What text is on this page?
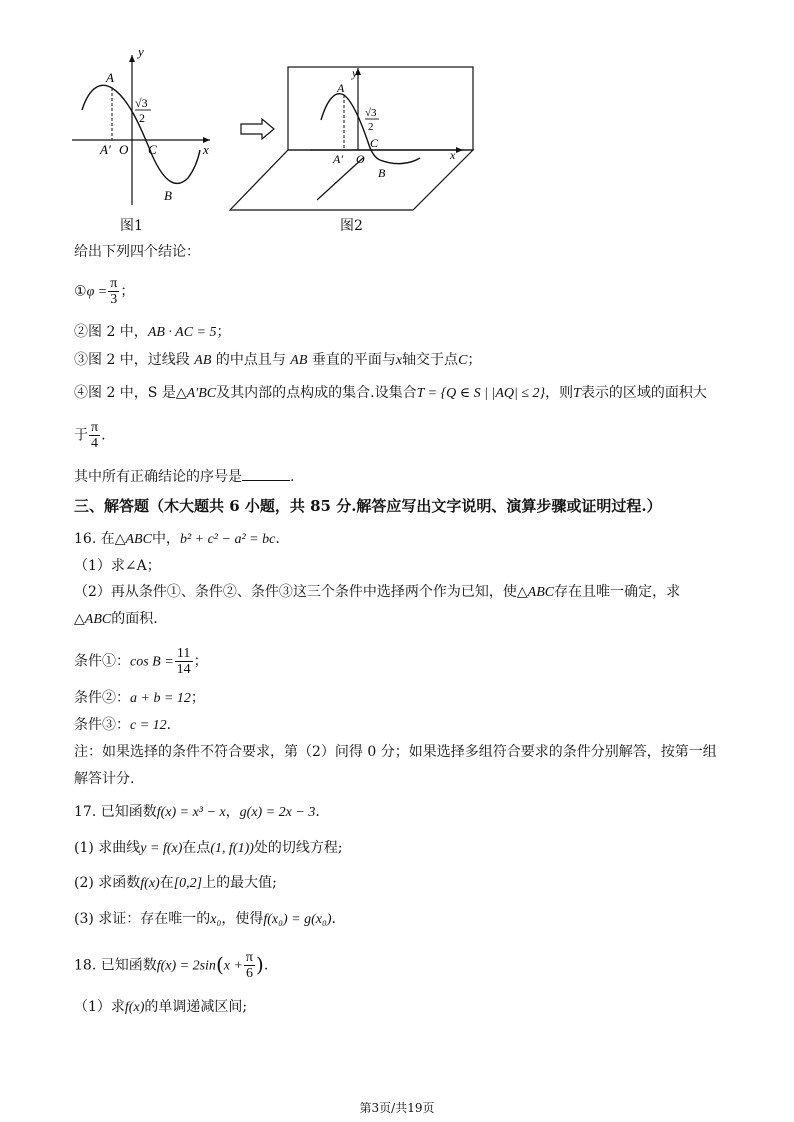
y
x
A
A′ O C
B
√3
2
图1
y
x
A
A′ O
C
B
√3
2
图2
给出下列四个结论：
①φ = $\frac{\pi}{3}$ ；
②图 2 中，AB · AC = 5；
③图 2 中，过线段 AB 的中点且与 AB 垂直的平面与x轴交于点C；
④图 2 中，S 是△A′BC及其内部的点构成的集合.设集合T = {Q ∈ S | |AQ| ≤ 2}，则T表示的区域的面积大
于 $\frac{\pi}{4}$ .
其中所有正确结论的序号是	.
三、解答题（木大题共 6 小题，共 85 分.解答应写出文字说明、演算步骤或证明过程.）
16. 在△ABC中，b² + c² − a² = bc.
（1）求∠A；
（2）再从条件①、条件②、条件③这三个条件中选择两个作为已知，使△ABC存在且唯一确定，求
△ABC的面积.
条件①：$\cos B = \frac{11}{14}$ ；
条件②：a + b = 12；
条件③：c = 12.
注：如果选择的条件不符合要求，第（2）问得 0 分；如果选择多组符合要求的条件分别解答，按第一组
解答计分.
17. 已知函数f(x) = x³ − x，g(x) = 2x − 3.
(1) 求曲线y = f(x)在点(1, f(1))处的切线方程;
(2) 求函数f(x)在[0,2]上的最大值;
(3) 求证：存在唯一的x₀，使得f(x₀) = g(x₀).
18. 已知函数$f(x) = 2\sin(x + \frac{\pi}{6}$ ).
（1）求f(x)的单调递减区间;
第3页/共19页
